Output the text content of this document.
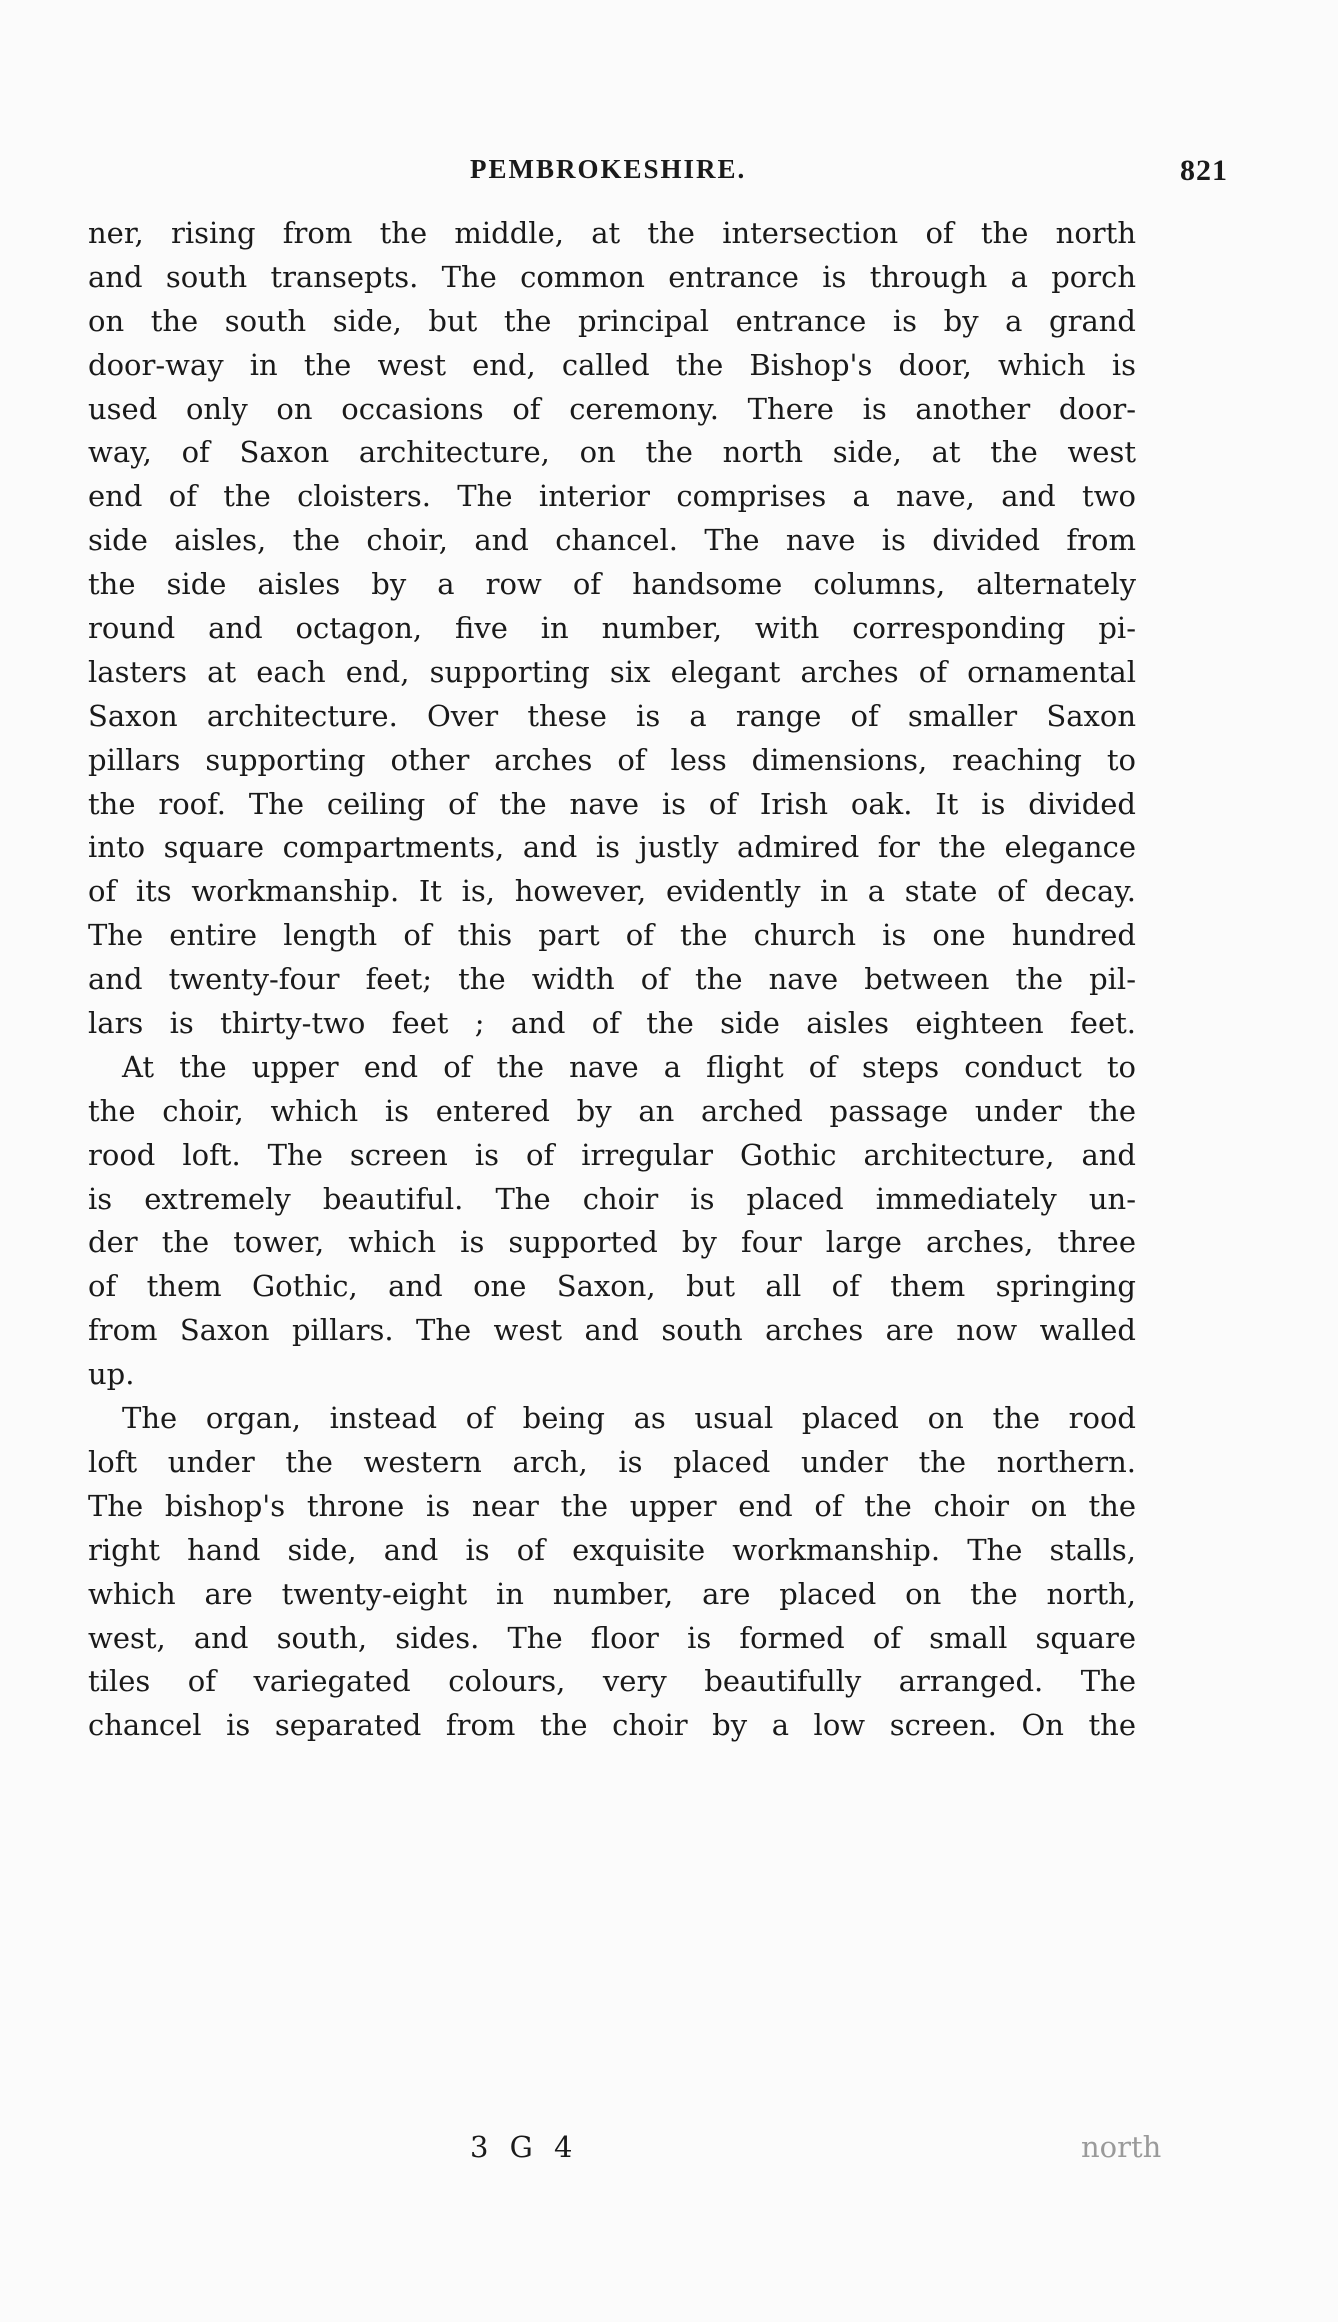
PEMBROKESHIRE.	821
ner, rising from the middle, at the intersection of the north
and south transepts. The common entrance is through a porch
on the south side, but the principal entrance is by a grand
door-way in the west end, called the Bishop's door, which is
used only on occasions of ceremony. There is another door-
way, of Saxon architecture, on the north side, at the west
end of the cloisters. The interior comprises a nave, and two
side aisles, the choir, and chancel. The nave is divided from
the side aisles by a row of handsome columns, alternately
round and octagon, five in number, with corresponding pi-
lasters at each end, supporting six elegant arches of ornamental
Saxon architecture. Over these is a range of smaller Saxon
pillars supporting other arches of less dimensions, reaching to
the roof. The ceiling of the nave is of Irish oak. It is divided
into square compartments, and is justly admired for the elegance
of its workmanship. It is, however, evidently in a state of decay.
The entire length of this part of the church is one hundred
and twenty-four feet; the width of the nave between the pil-
lars is thirty-two feet ; and of the side aisles eighteen feet.
At the upper end of the nave a flight of steps conduct to
the choir, which is entered by an arched passage under the
rood loft. The screen is of irregular Gothic architecture, and
is extremely beautiful. The choir is placed immediately un-
der the tower, which is supported by four large arches, three
of them Gothic, and one Saxon, but all of them springing
from Saxon pillars. The west and south arches are now walled
up.
The organ, instead of being as usual placed on the rood
loft under the western arch, is placed under the northern.
The bishop's throne is near the upper end of the choir on the
right hand side, and is of exquisite workmanship. The stalls,
which are twenty-eight in number, are placed on the north,
west, and south, sides. The floor is formed of small square
tiles of variegated colours, very beautifully arranged. The
chancel is separated from the choir by a low screen. On the
3 G 4	north
